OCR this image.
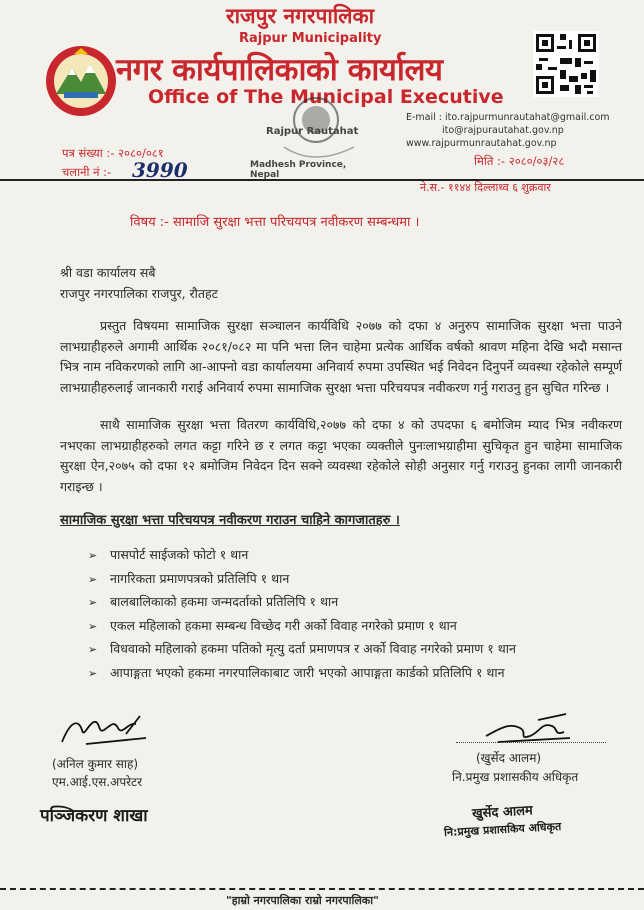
राजपुर नगरपालिका
Rajpur Municipality
नगर कार्यपालिकाको कार्यालय
Office of The Municipal Executive
E-mail : ito.rajpurmunrautahat@gmail.com
ito@rajpurautahat.gov.np
www.rajpurmunrautahat.gov.np
Rajpur Rautahat
Madhesh Province, Nepal
पत्र संख्या :- २०८०/०८१
चलानी नं :- 3990	मिति :- २०८०/०३/२८
ने.स.- ११४४ दिल्लाथ्व ६ शुक्रवार
विषय :- सामाजि सुरक्षा भत्ता परिचयपत्र नवीकरण सम्बन्धमा ।
श्री वडा कार्यालय सबै
राजपुर नगरपालिका राजपुर, रौतहट
प्रस्तुत विषयमा सामाजिक सुरक्षा सञ्चालन कार्यविधि २०७७ को दफा ४ अनुरुप सामाजिक सुरक्षा भत्ता पाउने लाभग्राहीहरुले अगामी आर्थिक २०८१/०८२ मा पनि भत्ता लिन चाहेमा प्रत्येक आर्थिक वर्षको श्रावण महिना देखि भदौ मसान्त भित्र नाम नविकरणको लागि आ-आफ्नो वडा कार्यालयमा अनिवार्य रुपमा उपस्थित भई निवेदन दिनुपर्ने व्यवस्था रहेकोले सम्पूर्ण लाभग्राहीहरुलाई जानकारी गराई अनिवार्य रुपमा सामाजिक सुरक्षा भत्ता परिचयपत्र नवीकरण गर्नु गराउनु हुन सुचित गरिन्छ ।
साथै सामाजिक सुरक्षा भत्ता वितरण कार्यविधि,२०७७ को दफा ४ को उपदफा ६ बमोजिम म्याद भित्र नवीकरण नभएका लाभग्राहीहरुको लगत कट्टा गरिने छ र लगत कट्टा भएका व्यक्तीले पुनःलाभग्राहीमा सुचिकृत हुन चाहेमा सामाजिक सुरक्षा ऐन,२०७५ को दफा १२ बमोजिम निवेदन दिन सक्ने व्यवस्था रहेकोले सोही अनुसार गर्नु गराउनु हुनका लागी जानकारी गराइन्छ ।
सामाजिक सुरक्षा भत्ता परिचयपत्र नवीकरण गराउन चाहिने कागजातहरु ।
➢ पासपोर्ट साईजको फोटो १ थान
➢ नागरिकता प्रमाणपत्रको प्रतिलिपि १ थान
➢ बालबालिकाको हकमा जन्मदर्ताको प्रतिलिपि १ थान
➢ एकल महिलाको हकमा सम्बन्ध विच्छेद गरी अर्को विवाह नगरेको प्रमाण १ थान
➢ विधवाको महिलाको हकमा पतिको मृत्यु दर्ता प्रमाणपत्र र अर्को विवाह नगरेको प्रमाण १ थान
➢ आपाङ्गता भएको हकमा नगरपालिकाबाट जारी भएको आपाङ्गता कार्डको प्रतिलिपि १ थान
(अनिल कुमार साह)
एम.आई.एस.अपरेटर
पञ्जिकरण शाखा
(खुर्सेद आलम)
नि.प्रमुख प्रशासकीय अधिकृत
खुर्सेद आलम
नि:प्रमुख प्रशासकिय अधिकृत
"हाम्रो नगरपालिका राम्रो नगरपालिका"
